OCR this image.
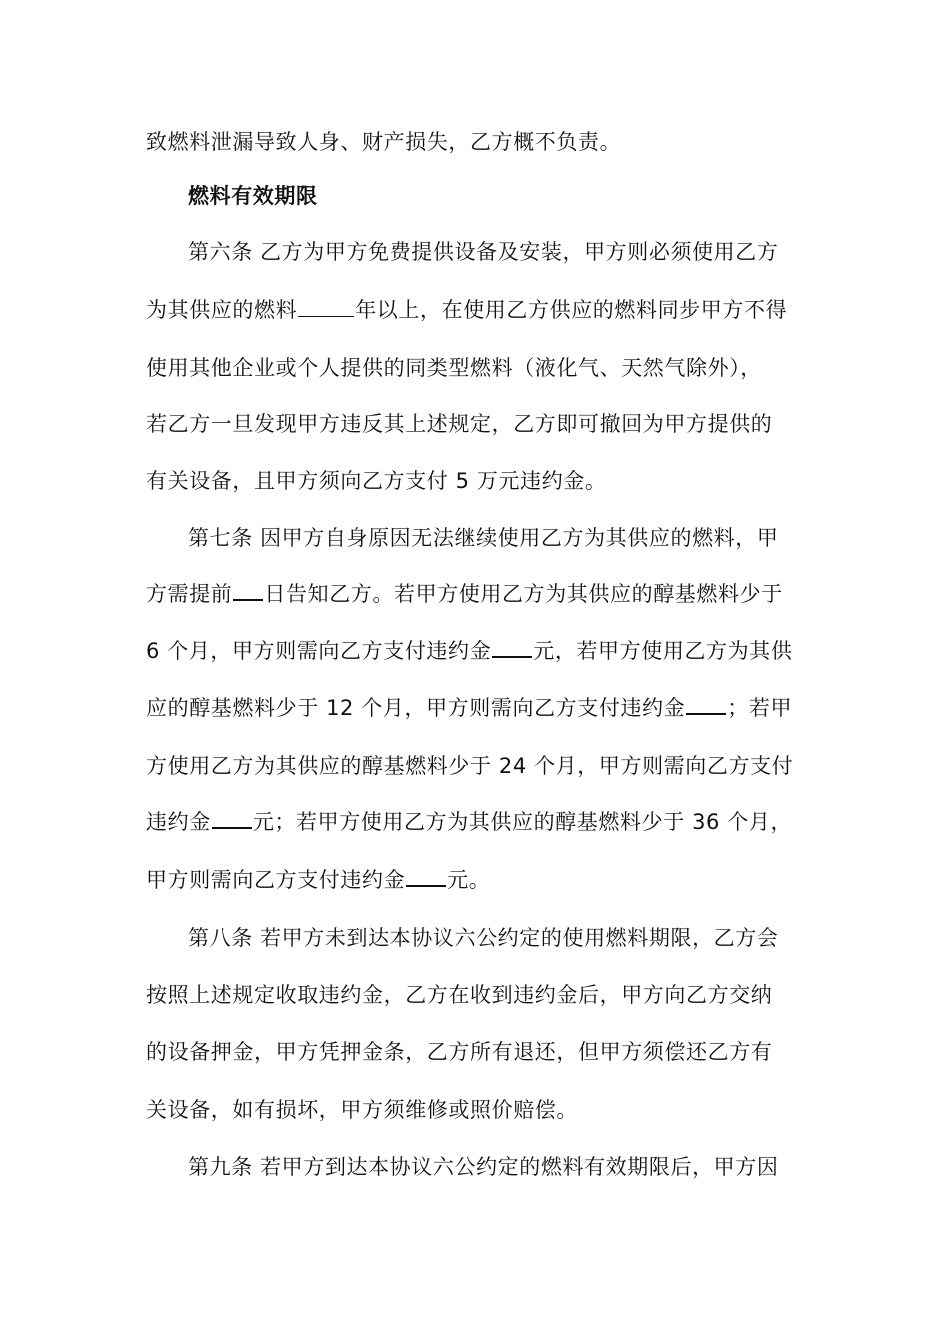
致燃料泄漏导致人身、财产损失，乙方概不负责。
燃料有效期限
第六条 乙方为甲方免费提供设备及安装，甲方则必须使用乙方
为其供应的燃料	年以上，在使用乙方供应的燃料同步甲方不得
使用其他企业或个人提供的同类型燃料（液化气、天然气除外），
若乙方一旦发现甲方违反其上述规定，乙方即可撤回为甲方提供的
有关设备，且甲方须向乙方支付 5 万元违约金。
第七条 因甲方自身原因无法继续使用乙方为其供应的燃料，甲
方需提前 日告知乙方。若甲方使用乙方为其供应的醇基燃料少于
6 个月，甲方则需向乙方支付违约金 元，若甲方使用乙方为其供
应的醇基燃料少于 12 个月，甲方则需向乙方支付违约金 ；若甲
方使用乙方为其供应的醇基燃料少于 24 个月，甲方则需向乙方支付
违约金 元；若甲方使用乙方为其供应的醇基燃料少于 36 个月，
甲方则需向乙方支付违约金 元。
第八条 若甲方未到达本协议六公约定的使用燃料期限，乙方会
按照上述规定收取违约金，乙方在收到违约金后，甲方向乙方交纳
的设备押金，甲方凭押金条，乙方所有退还，但甲方须偿还乙方有
关设备，如有损坏，甲方须维修或照价赔偿。
第九条 若甲方到达本协议六公约定的燃料有效期限后，甲方因
